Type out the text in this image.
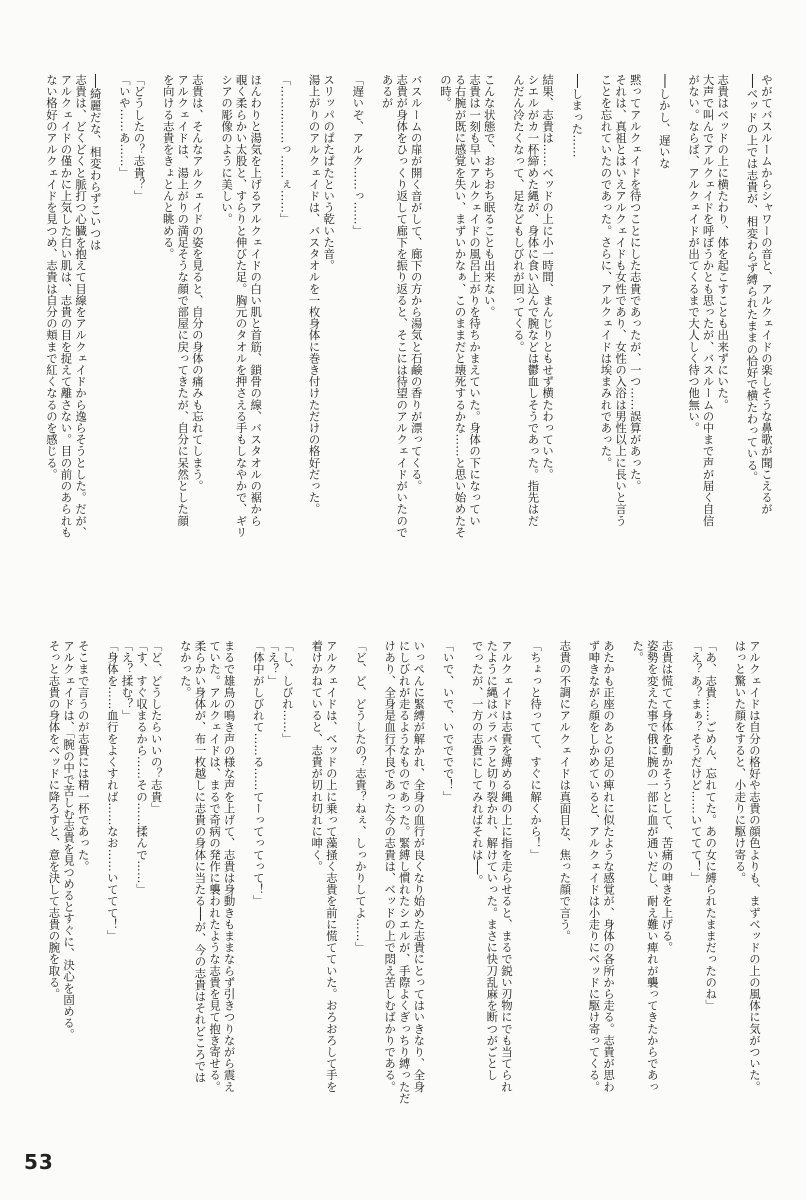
やがてバスルームからシャワーの音と、アルクェイドの楽しそうな鼻歌が聞こえるが
──ベッドの上では志貴が、相変わらず縛られたままの恰好で横たわっている。

志貴はベッドの上に横たわり、体を起こすことも出来ずにいた。
大声で叫んでアルクェイドを呼ぼうかとも思ったが、バスルームの中まで声が届く自信
がない。ならば、アルクェイドが出てくるまで大人しく待つ他無い。

──しかし、遅いな

黙ってアルクェイドを待つことにした志貴であったが、一つ……誤算があった。
それは、真祖とはいえアルクェイドも女性であり、女性の入浴は男性以上に長いと言う
ことを忘れていたのであった。さらに、アルクェイドは埃まみれであった。

──しまった……

結果、志貴は……ベッドの上に小一時間、まんじりともせず横たわっていた。
シエルがカ一杯締めた縄が、身体に食い込んで腕などは鬱血しそうであった。指先はだ
んだん冷たくなって、足などもしびれが回ってくる。

こんな状態で、おちおち眠ることも出来ない。
志貴は一刻も早いアルクェイドの風呂上がりを待ちかまえていた。身体の下になってい
る右腕が既に感覚を失い、まずいかなぁ、このままだと壊死するかな……と思い始めたそ
の時。

バスルームの扉が開く音がして、廊下の方から湯気と石鹸の香りが漂ってくる。
志貴が身体をひっくり返して廊下を振り返ると、そこには待望のアルクェイドがいたので
あるが

「遅いぞ、アルク……っ……」

スリッパのぱたぱたという乾いた音。
湯上がりのアルクェイドは、バスタオルを一枚身体に巻き付けただけの格好だった。

「……………っ……ぇ……」

ほんわりと湯気を上げるアルクェイドの白い肌と首筋、鎖骨の線、バスタオルの裾から
覗く柔らかい太股と、すらりと伸びた足。胸元のタオルを押さえる手もしなやかで、ギリ
シアの彫像のように美しい。

志貴は、そんなアルクェイドの姿を見ると、自分の身体の痛みも忘れてしまう。
アルクェイドは、湯上がりの満足そうな顔で部屋に戻ってきたが、自分に呆然とした顔
を向ける志貴をきょとんと眺める。

「どうしたの？志貴？」
「いや……あ……」

──綺麗だな、相変わらずこいつは
志貴は、どくどくと脈打つ心臓を抱えて目線をアルクェイドから逸らそうとした。だが、
アルクェイドの僅かに上気した白い肌は、志貴の目を捉えて離さない。目の前のあられも
ない格好のアルクェイドを見つめ、志貴は自分の頬まで紅くなるのを感じる。
アルクェイドは自分の格好や志貴の顔色よりも、まずベッドの上の風体に気がついた。
はっと驚いた顔をすると、小走りに駆け寄る。

「あ、志貴……ごめん、忘れてた。あの女に縛られたままだったのね」
「え？あ？まぁ？そうだけど……いててて！」

志貴は慌てて身体を動かそうとして、苦痛の呻きを上げる。
姿勢を変えた事で俄に腕の一部に血が通いだし、耐え難い痺れが襲ってきたからであっ
た。

あたかも正座のあとの足の痺れに似たような感覚が、身体の各所から走る。志貴が思わ
ず呻きながら顔をしかめていると、アルクェイドは小走りにベッドに駆け寄ってくる。

志貴の不調にアルクェイドは真面目な、焦った顔で言う。

「ちょっと待ってて、すぐに解くから！」

アルクェイドは志貴を縛める縄の上に指を走らせると、まるで鋭い刃物にでも当てられ
たように縄はバラバラと切り裂かれ、解けていった。まさに快刀乱麻を断つがごとし
でったが、一方の志貴にしてみればそれは──。

「いで、いで、いでででで！」

いっぺんに緊縛が解かれ、全身の血行が良くなり始めた志貴にとってはいきなり、全身
にしびれが走るようなものであった。緊縛し慣れたシエルが、手際よくぎっちり縛っただ
けあり、全身是血行不良であった今の志貴は、ベッドの上で悶え苦しむばかりである。

「ど、ど、どうしたの？志貴？ねぇ、しっかりしてよ……」

アルクェイドは、ベッドの上に乗って藻掻く志貴を前に慌てていた。おろおろして手を
着けかねていると、志貴が切れ切れに呻く。

「し、しびれ……」
「え？」
「体中がしびれて……る……てーってってって！」

まるで雄鳥の鳴き声の様な声を上げて、志貴は身動きもままならず引きつりながら震え
ていた。アルクェイドは、まるで奇病の発作に襲われたような志貴を見て抱き寄せる。
柔らかい身体が、布一枚越しに志貴の身体に当たる──が、今の志貴はそれどころでは
なかった。

「ど、どうしたらいいの？志貴」
「す、すぐ収まるから……その……揉んで……」
「え？揉む？」
「身体を……血行をよくすれば……なお……いててて！」

そこまで言うのが志貴には精一杯であった。
アルクェイドは、「腕の中で苦しむ志貴を見つめるとすぐに、決心を固める。
そっと志貴の身体をベッドに降ろすと、意を決して志貴の腕を取る。
53
